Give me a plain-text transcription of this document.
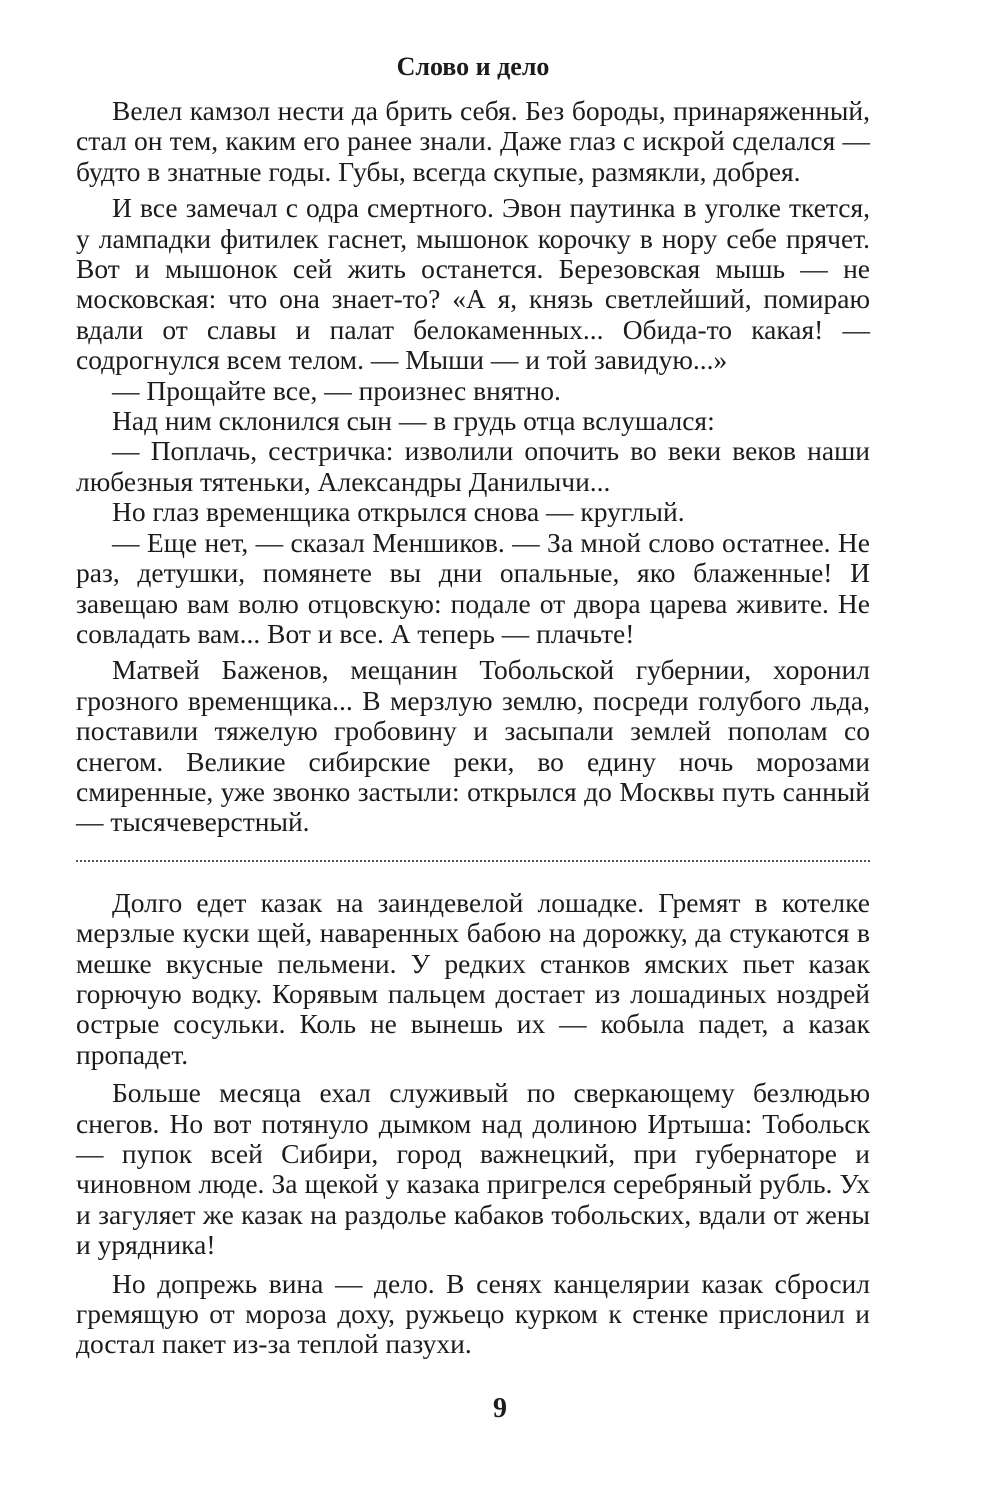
Слово и дело

Велел камзол нести да брить себя. Без бороды, принаряженный, стал он тем, каким его ранее знали. Даже глаз с искрой сделался — будто в знатные годы. Губы, всегда скупые, размякли, добрея.

И все замечал с одра смертного. Эвон паутинка в уголке ткется, у лампадки фитилек гаснет, мышонок корочку в нору себе прячет. Вот и мышонок сей жить останется. Березовская мышь — не московская: что она знает-то? «А я, князь светлейший, помираю вдали от славы и палат белокаменных... Обида-то какая! — содрогнулся всем телом. — Мыши — и той завидую...»

— Прощайте все, — произнес внятно.

Над ним склонился сын — в грудь отца вслушался:

— Поплачь, сестричка: изволили опочить во веки веков наши любезныя тятеньки, Александры Данилычи...

Но глаз временщика открылся снова — круглый.

— Еще нет, — сказал Меншиков. — За мной слово остатнее. Не раз, детушки, помянете вы дни опальные, яко блаженные! И завещаю вам волю отцовскую: подале от двора царева живите. Не совладать вам... Вот и все. А теперь — плачьте!

Матвей Баженов, мещанин Тобольской губернии, хоронил грозного временщика... В мерзлую землю, посреди голубого льда, поставили тяжелую гробовину и засыпали землей пополам со снегом. Великие сибирские реки, во едину ночь морозами смиренные, уже звонко застыли: открылся до Москвы путь санный — тысячеверстный.

Долго едет казак на заиндевелой лошадке. Гремят в котелке мерзлые куски щей, наваренных бабою на дорожку, да стукаются в мешке вкусные пельмени. У редких станков ямских пьет казак горючую водку. Корявым пальцем достает из лошадиных ноздрей острые сосульки. Коль не вынешь их — кобыла падет, а казак пропадет.

Больше месяца ехал служивый по сверкающему безлюдью снегов. Но вот потянуло дымком над долиною Иртыша: Тобольск — пупок всей Сибири, город важнецкий, при губернаторе и чиновном люде. За щекой у казака пригрелся серебряный рубль. Ух и загуляет же казак на раздолье кабаков тобольских, вдали от жены и урядника!

Но допрежь вина — дело. В сенях канцелярии казак сбросил гремящую от мороза доху, ружьецо курком к стенке прислонил и достал пакет из-за теплой пазухи.

9
